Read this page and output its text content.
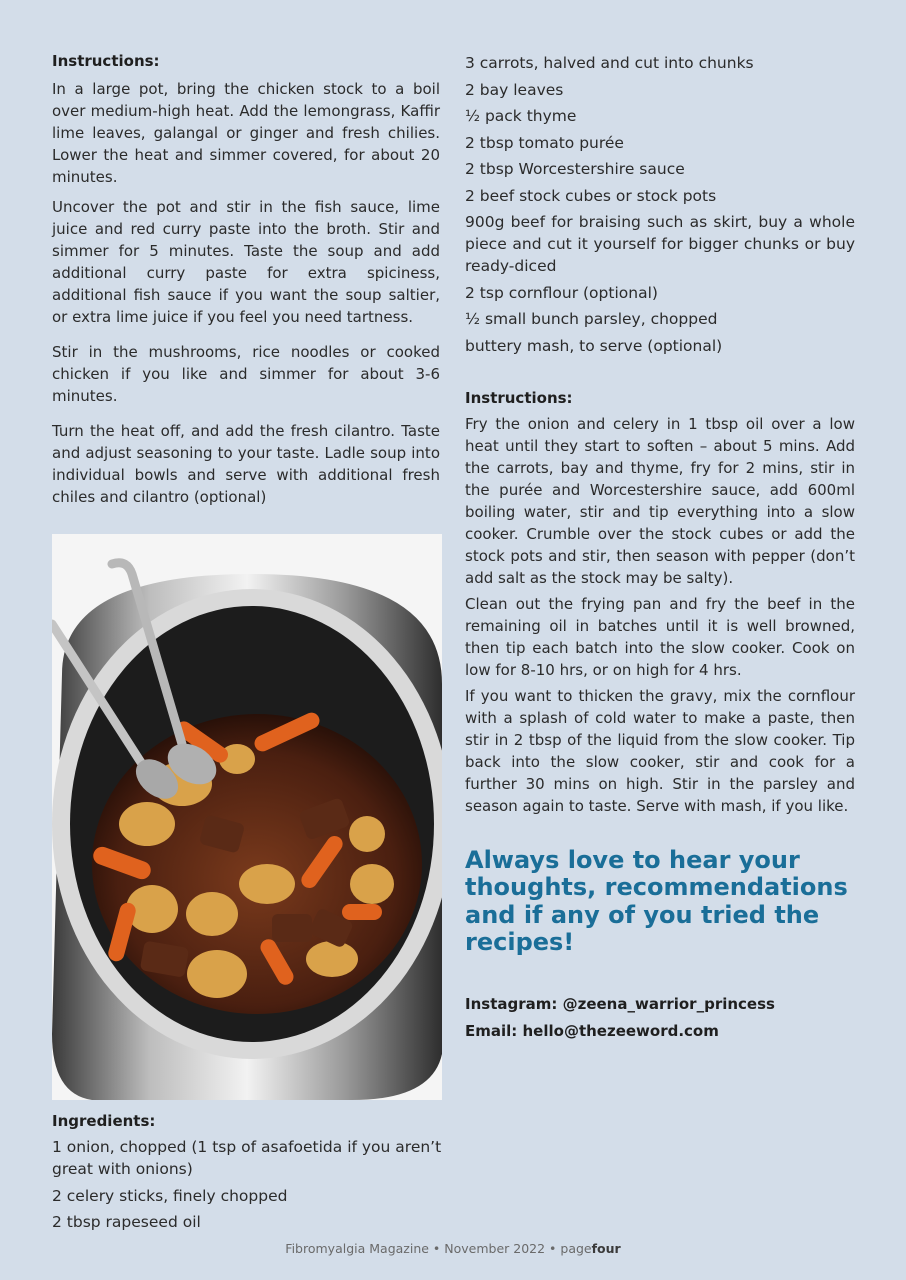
Instructions:

In a large pot, bring the chicken stock to a boil over medium-high heat. Add the lemongrass, Kaffir lime leaves, galangal or ginger and fresh chilies. Lower the heat and simmer covered, for about 20 minutes.

Uncover the pot and stir in the fish sauce, lime juice and red curry paste into the broth. Stir and simmer for 5 minutes. Taste the soup and add additional curry paste for extra spiciness, additional fish sauce if you want the soup saltier, or extra lime juice if you feel you need tartness.

Stir in the mushrooms, rice noodles or cooked chicken if you like and simmer for about 3-6 minutes.

Turn the heat off, and add the fresh cilantro. Taste and adjust seasoning to your taste. Ladle soup into individual bowls and serve with additional fresh chiles and cilantro (optional)

Ingredients:
1 onion, chopped (1 tsp of asafoetida if you aren’t great with onions)
2 celery sticks, finely chopped
2 tbsp rapeseed oil
3 carrots, halved and cut into chunks
2 bay leaves
½ pack thyme
2 tbsp tomato purée
2 tbsp Worcestershire sauce
2 beef stock cubes or stock pots
900g beef for braising such as skirt, buy a whole piece and cut it yourself for bigger chunks or buy ready-diced
2 tsp cornflour (optional)
½ small bunch parsley, chopped
buttery mash, to serve (optional)
Instructions:

Fry the onion and celery in 1 tbsp oil over a low heat until they start to soften – about 5 mins. Add the carrots, bay and thyme, fry for 2 mins, stir in the purée and Worcestershire sauce, add 600ml boiling water, stir and tip everything into a slow cooker. Crumble over the stock cubes or add the stock pots and stir, then season with pepper (don’t add salt as the stock may be salty).

Clean out the frying pan and fry the beef in the remaining oil in batches until it is well browned, then tip each batch into the slow cooker. Cook on low for 8-10 hrs, or on high for 4 hrs.

If you want to thicken the gravy, mix the cornflour with a splash of cold water to make a paste, then stir in 2 tbsp of the liquid from the slow cooker. Tip back into the slow cooker, stir and cook for a further 30 mins on high. Stir in the parsley and season again to taste. Serve with mash, if you like.

Always love to hear your thoughts, recommendations and if any of you tried the recipes!
Instagram: @zeena_warrior_princess
Email: hello@thezeeword.com
Fibromyalgia Magazine • November 2022 • pagefour
